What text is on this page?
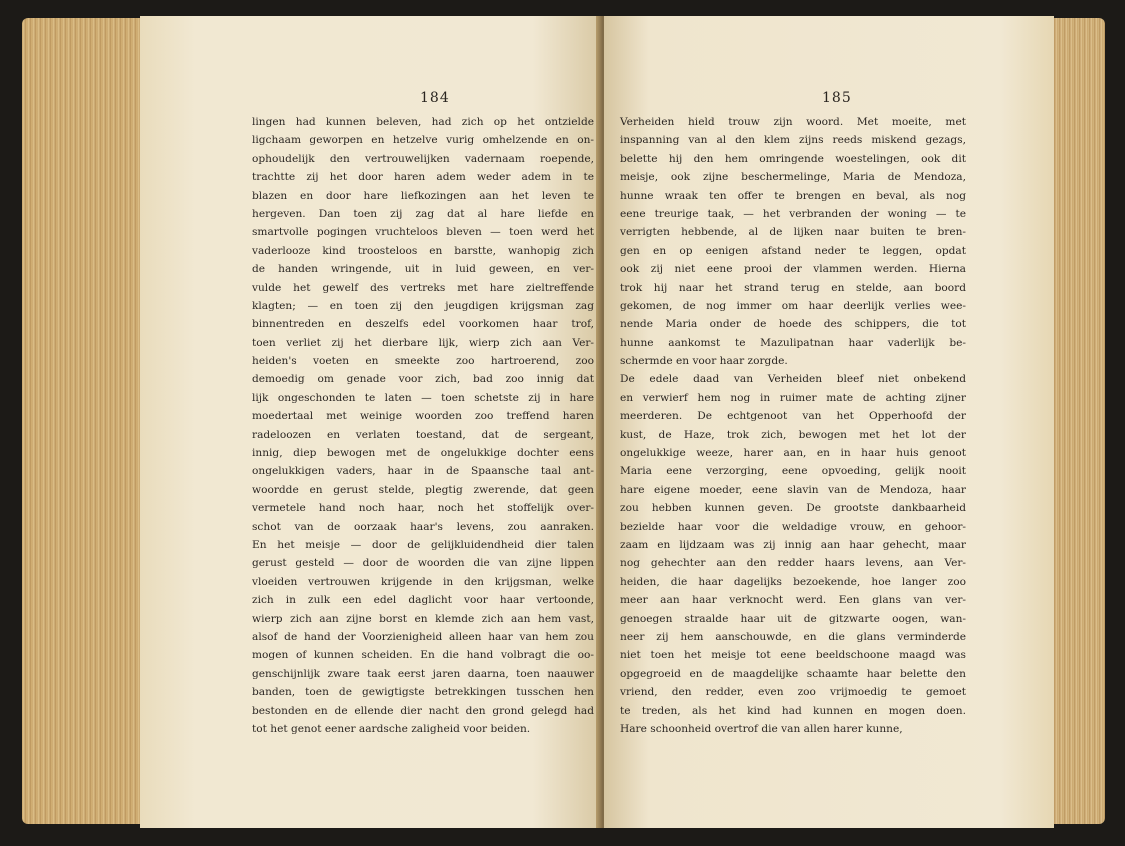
184
lingen had kunnen beleven, had zich op het ontzielde
ligchaam geworpen en hetzelve vurig omhelzende en on-
ophoudelijk den vertrouwelijken vadernaam roepende,
trachtte zij het door haren adem weder adem in te
blazen en door hare liefkozingen aan het leven te
hergeven. Dan toen zij zag dat al hare liefde en
smartvolle pogingen vruchteloos bleven — toen werd het
vaderlooze kind troosteloos en barstte, wanhopig zich
de handen wringende, uit in luid geween, en ver-
vulde het gewelf des vertreks met hare zieltreffende
klagten; — en toen zij den jeugdigen krijgsman zag
binnentreden en deszelfs edel voorkomen haar trof,
toen verliet zij het dierbare lijk, wierp zich aan Ver-
heiden's voeten en smeekte zoo hartroerend, zoo
demoedig om genade voor zich, bad zoo innig dat
lijk ongeschonden te laten — toen schetste zij in hare
moedertaal met weinige woorden zoo treffend haren
radeloozen en verlaten toestand, dat de sergeant,
innig, diep bewogen met de ongelukkige dochter eens
ongelukkigen vaders, haar in de Spaansche taal ant-
woordde en gerust stelde, plegtig zwerende, dat geen
vermetele hand noch haar, noch het stoffelijk over-
schot van de oorzaak haar's levens, zou aanraken.
En het meisje — door de gelijkluidendheid dier talen
gerust gesteld — door de woorden die van zijne lippen
vloeiden vertrouwen krijgende in den krijgsman, welke
zich in zulk een edel daglicht voor haar vertoonde,
wierp zich aan zijne borst en klemde zich aan hem vast,
alsof de hand der Voorzienigheid alleen haar van hem zou
mogen of kunnen scheiden. En die hand volbragt die oo-
genschijnlijk zware taak eerst jaren daarna, toen naauwer
banden, toen de gewigtigste betrekkingen tusschen hen
bestonden en de ellende dier nacht den grond gelegd had
tot het genot eener aardsche zaligheid voor beiden.
185
Verheiden hield trouw zijn woord. Met moeite, met
inspanning van al den klem zijns reeds miskend gezags,
belette hij den hem omringende woestelingen, ook dit
meisje, ook zijne beschermelinge, Maria de Mendoza,
hunne wraak ten offer te brengen en beval, als nog
eene treurige taak, — het verbranden der woning — te
verrigten hebbende, al de lijken naar buiten te bren-
gen en op eenigen afstand neder te leggen, opdat
ook zij niet eene prooi der vlammen werden. Hierna
trok hij naar het strand terug en stelde, aan boord
gekomen, de nog immer om haar deerlijk verlies wee-
nende Maria onder de hoede des schippers, die tot
hunne aankomst te Mazulipatnan haar vaderlijk be-
schermde en voor haar zorgde.
De edele daad van Verheiden bleef niet onbekend
en verwierf hem nog in ruimer mate de achting zijner
meerderen. De echtgenoot van het Opperhoofd der
kust, de Haze, trok zich, bewogen met het lot der
ongelukkige weeze, harer aan, en in haar huis genoot
Maria eene verzorging, eene opvoeding, gelijk nooit
hare eigene moeder, eene slavin van de Mendoza, haar
zou hebben kunnen geven. De grootste dankbaarheid
bezielde haar voor die weldadige vrouw, en gehoor-
zaam en lijdzaam was zij innig aan haar gehecht, maar
nog gehechter aan den redder haars levens, aan Ver-
heiden, die haar dagelijks bezoekende, hoe langer zoo
meer aan haar verknocht werd. Een glans van ver-
genoegen straalde haar uit de gitzwarte oogen, wan-
neer zij hem aanschouwde, en die glans verminderde
niet toen het meisje tot eene beeldschoone maagd was
opgegroeid en de maagdelijke schaamte haar belette den
vriend, den redder, even zoo vrijmoedig te gemoet
te treden, als het kind had kunnen en mogen doen.
Hare schoonheid overtrof die van allen harer kunne,
